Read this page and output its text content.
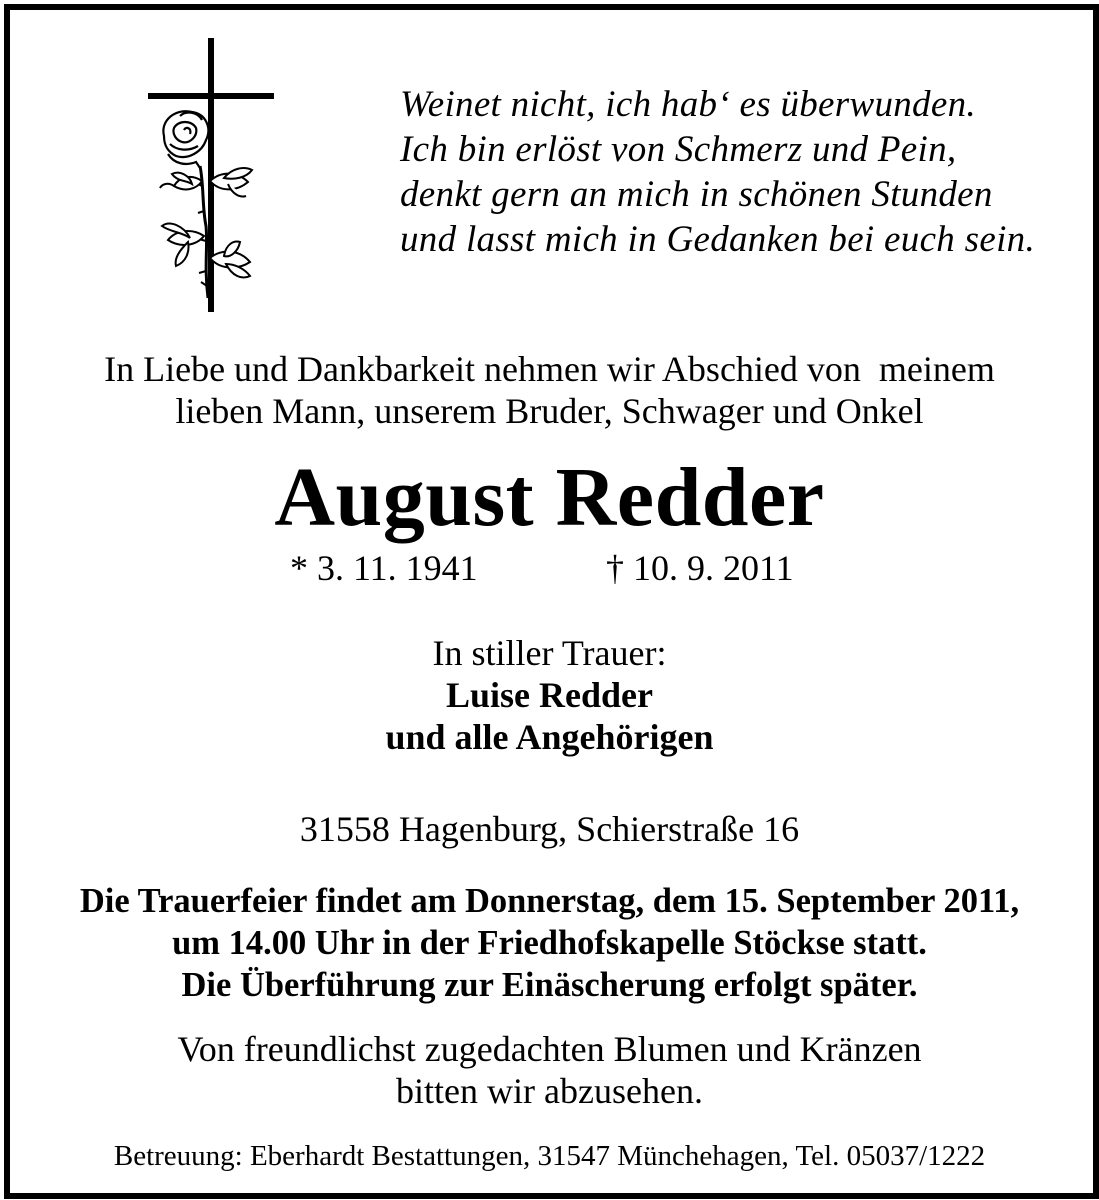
Weinet nicht, ich hab‘ es überwunden.
Ich bin erlöst von Schmerz und Pein,
denkt gern an mich in schönen Stunden
und lasst mich in Gedanken bei euch sein.
In Liebe und Dankbarkeit nehmen wir Abschied von  meinem
lieben Mann, unserem Bruder, Schwager und Onkel
August Redder
* 3. 11. 1941	† 10. 9. 2011
In stiller Trauer:
Luise Redder
und alle Angehörigen
31558 Hagenburg, Schierstraße 16
Die Trauerfeier findet am Donnerstag, dem 15. September 2011,
um 14.00 Uhr in der Friedhofskapelle Stöckse statt.
Die Überführung zur Einäscherung erfolgt später.
Von freundlichst zugedachten Blumen und Kränzen
bitten wir abzusehen.
Betreuung: Eberhardt Bestattungen, 31547 Münchehagen, Tel. 05037/1222
